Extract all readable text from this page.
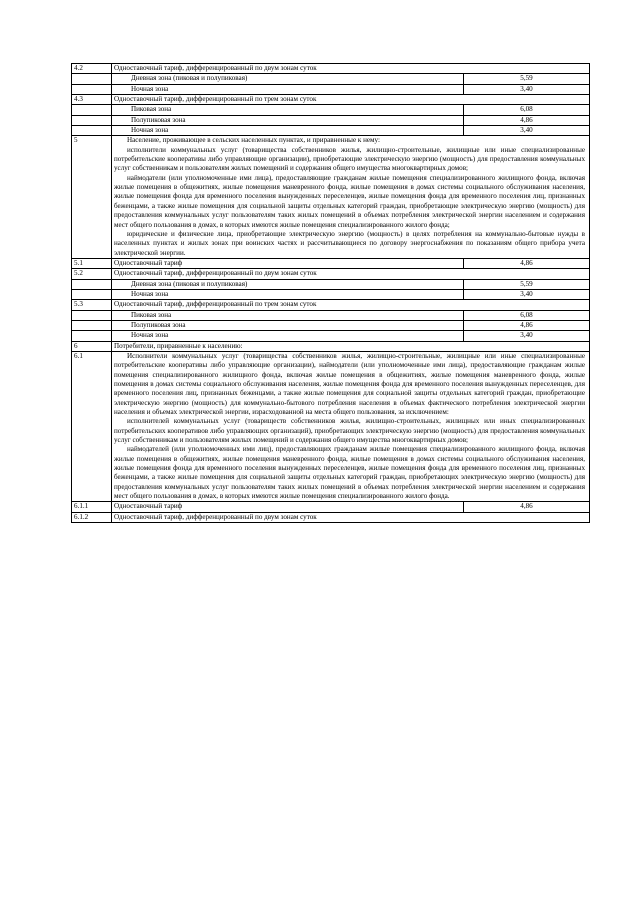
4.2	Одноставочный тариф, дифференцированный по двум зонам суток	
	Дневная зона (пиковая и полупиковая)	5,59
	Ночная зона	3,40
4.3	Одноставочный тариф, дифференцированный по трем зонам суток	
	Пиковая зона	6,08
	Полупиковая зона	4,86
	Ночная зона	3,40
5	Население, проживающее в сельских населенных пунктах, и приравненные к нему:

исполнители коммунальных услуг (товарищества собственников жилья, жилищно-строительные, жилищные или иные специализированные потребительские кооперативы либо управляющие организации), приобретающие электрическую энергию (мощность) для предоставления коммунальных услуг собственникам и пользователям жилых помещений и содержания общего имущества многоквартирных домов;

наймодатели (или уполномоченные ими лица), предоставляющие гражданам жилые помещения специализированного жилищного фонда, включая жилые помещения в общежитиях, жилые помещения маневренного фонда, жилые помещения в домах системы социального обслуживания населения, жилые помещения фонда для временного поселения вынужденных переселенцев, жилые помещения фонда для временного поселения лиц, признанных беженцами, а также жилые помещения для социальной защиты отдельных категорий граждан, приобретающие электрическую энергию (мощность) для предоставления коммунальных услуг пользователям таких жилых помещений в объемах потребления электрической энергии населением и содержания мест общего пользования в домах, в которых имеются жилые помещения специализированного жилого фонда;

юридические и физические лица, приобретающие электрическую энергию (мощность) в целях потребления на коммунально-бытовые нужды в населенных пунктах и жилых зонах при воинских частях и рассчитывающиеся по договору энергоснабжения по показаниям общего прибора учета электрической энергии.	

5.1	Одноставочный тариф	4,86
5.2	Одноставочный тариф, дифференцированный по двум зонам суток	
	Дневная зона (пиковая и полупиковая)	5,59
	Ночная зона	3,40
5.3	Одноставочный тариф, дифференцированный по трем зонам суток	
	Пиковая зона	6,08
	Полупиковая зона	4,86
	Ночная зона	3,40
6	Потребители, приравненные к населению:	
6.1	Исполнители коммунальных услуг (товарищества собственников жилья, жилищно-строительные, жилищные или иные специализированные потребительские кооперативы либо управляющие организации), наймодатели (или уполномоченные ими лица), предоставляющие гражданам жилые помещения специализированного жилищного фонда, включая жилые помещения в общежитиях, жилые помещения маневренного фонда, жилые помещения в домах системы социального обслуживания населения, жилые помещения фонда для временного поселения вынужденных переселенцев, для временного поселения лиц, признанных беженцами, а также жилые помещения для социальной защиты отдельных категорий граждан, приобретающие электрическую энергию (мощность) для коммунально-бытового потребления населения в объемах фактического потребления электрической энергии населения и объемах электрической энергии, израсходованной на места общего пользования, за исключением:

исполнителей коммунальных услуг (товариществ собственников жилья, жилищно-строительных, жилищных или иных специализированных потребительских кооперативов либо управляющих организаций), приобретающих электрическую энергию (мощность) для предоставления коммунальных услуг собственникам и пользователям жилых помещений и содержания общего имущества многоквартирных домов;

наймодателей (или уполномоченных ими лиц), предоставляющих гражданам жилые помещения специализированного жилищного фонда, включая жилые помещения в общежитиях, жилые помещения маневренного фонда, жилые помещения в домах системы социального обслуживания населения, жилые помещения фонда для временного поселения вынужденных переселенцев, жилые помещения фонда для временного поселения лиц, признанных беженцами, а также жилые помещения для социальной защиты отдельных категорий граждан, приобретающих электрическую энергию (мощность) для предоставления коммунальных услуг пользователям таких жилых помещений в объемах потребления электрической энергии населением и содержания мест общего пользования в домах, в которых имеются жилые помещения специализированного жилого фонда.	

6.1.1	Одноставочный тариф	4,86
6.1.2	Одноставочный тариф, дифференцированный по двум зонам суток	
